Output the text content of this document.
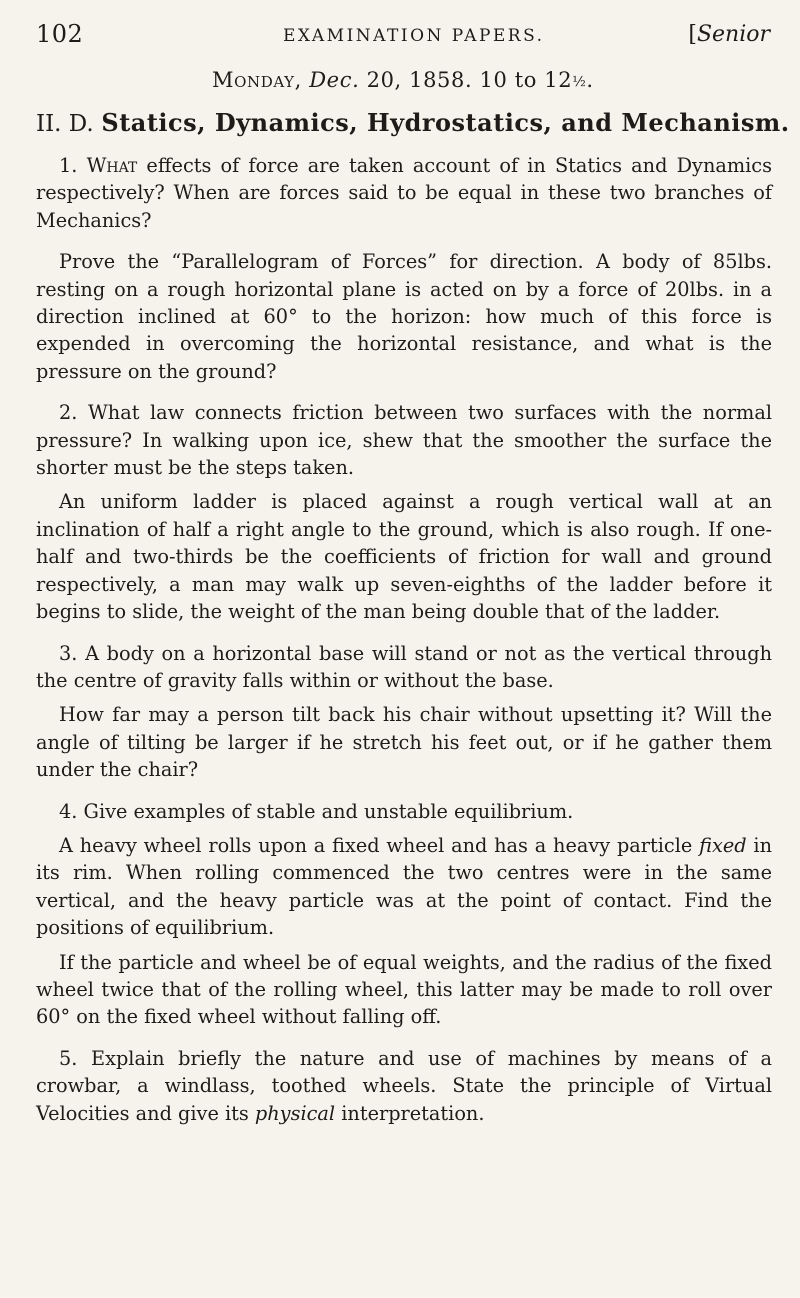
102	EXAMINATION PAPERS.	[Senior
Monday, Dec. 20, 1858. 10 to 12½.
II. D. Statics, Dynamics, Hydrostatics, and Mechanism.

1. What effects of force are taken account of in Statics and Dynamics respectively? When are forces said to be equal in these two branches of Mechanics?

Prove the “Parallelogram of Forces” for direction. A body of 85lbs. resting on a rough horizontal plane is acted on by a force of 20lbs. in a direction inclined at 60° to the horizon: how much of this force is expended in overcoming the horizontal resistance, and what is the pressure on the ground?

2. What law connects friction between two surfaces with the normal pressure? In walking upon ice, shew that the smoother the surface the shorter must be the steps taken.

An uniform ladder is placed against a rough vertical wall at an inclination of half a right angle to the ground, which is also rough. If one-half and two-thirds be the coefficients of friction for wall and ground respectively, a man may walk up seven-eighths of the ladder before it begins to slide, the weight of the man being double that of the ladder.

3. A body on a horizontal base will stand or not as the vertical through the centre of gravity falls within or without the base.

How far may a person tilt back his chair without upsetting it? Will the angle of tilting be larger if he stretch his feet out, or if he gather them under the chair?

4. Give examples of stable and unstable equilibrium.

A heavy wheel rolls upon a fixed wheel and has a heavy particle fixed in its rim. When rolling commenced the two centres were in the same vertical, and the heavy particle was at the point of contact. Find the positions of equilibrium.

If the particle and wheel be of equal weights, and the radius of the fixed wheel twice that of the rolling wheel, this latter may be made to roll over 60° on the fixed wheel without falling off.

5. Explain briefly the nature and use of machines by means of a crowbar, a windlass, toothed wheels. State the principle of Virtual Velocities and give its physical interpretation.
